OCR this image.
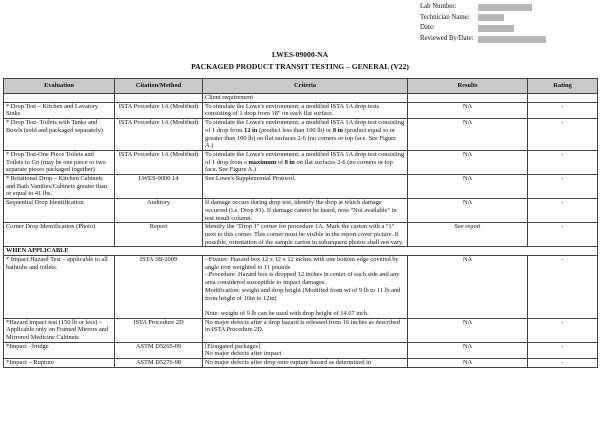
Lab Number:
Technician Name:
Date:
Reviewed By/Date:
LWES-09000-NA
PACKAGED PRODUCT TRANSIT TESTING – GENERAL (V22)
Evaluation	Citation/Method	Criteria	Results	Rating

		Client requirement		

* Drop Test – Kitchen and Lavatory Sinks	ISTA Procedure 1A (Modified)	To simulate the Lowe's environment; a modified ISTA 1A drop tests consisting of 1 drop from 18" on each flat surface.	NA	-
* Drop Test- Toilets with Tanks and Bowls (sold and packaged separately)	ISTA Procedure 1A (Modified)	To simulate the Lowe's environment; a modified ISTA 1A drop test consisting of 1 drop from 12 in (product less than 100 lb) or 8 in (product equal to or greater than 100 lb) on flat surfaces 2-6 (no corners or top face. See Figure A.)	NA	-
* Drop Test-One Piece Toilets and Toilets to Go (may be one piece or two separate pieces packaged together)	ISTA Procedure 1A (Modified)	To simulate the Lowe's environment; a modified ISTA 1A drop test consisting of 1 drop from a maximum of 8 in on flat surfaces 2-6 (no corners or top face. See Figure A.)	NA	-
* Rotational Drop – Kitchen Cabinets and Bath Vanities/Cabinets greater than or equal to 41 lbs.	LWES-9000.14	See Lowe's Supplemental Protocol.	NA	-
Sequential Drop Identification	Auditory	If damage occurs during drop test, identify the drop at which damage occurred (i.e. Drop #3). If damage cannot be heard, note "Not available" in test result column.	NA	-
Corner Drop Identification (Photo)	Report	Identify the "Drop 1" corner for procedure 1A. Mark the carton with a "1" next to this corner. This corner must be visible in the report cover picture. If possible, orientation of the sample carton in subsequent photos shall not vary.	See report	-
WHEN APPLICABLE				
* Impact Hazard Test – applicable to all bathtubs and toilets.	ISTA 3B-2009	- Fixture: Hazard box 12 x 12 x 12 inches with one bottom edge covered by angle iron weighted to 11 pounds
- Procedure: Hazard box is dropped 12 inches in center of each side and any area considered susceptible to impact damages.
Modification: weight and drop height (Modified from wt of 9 lb to 11 lb and from height of 16in to 12in)
Note: weight of 9 lb can be used with drop height of 14.67 inch.	NA	-
*Hazard impact test (150 lb or less) – Applicable only on Framed Mirrors and Mirrored Medicine Cabinets	ISTA Procedure 2D	No major defects after a drop hazard is released from 16 inches as described in ISTA Procedure 2D.	NA	-
*Impact - bridge	ASTM D5265-09	[Elongated packages]
No major defects after impact	NA	-
*Impact – Rupture	ASTM D5276-98	No major defects after drop onto rupture hazard as determined in	NA	-
